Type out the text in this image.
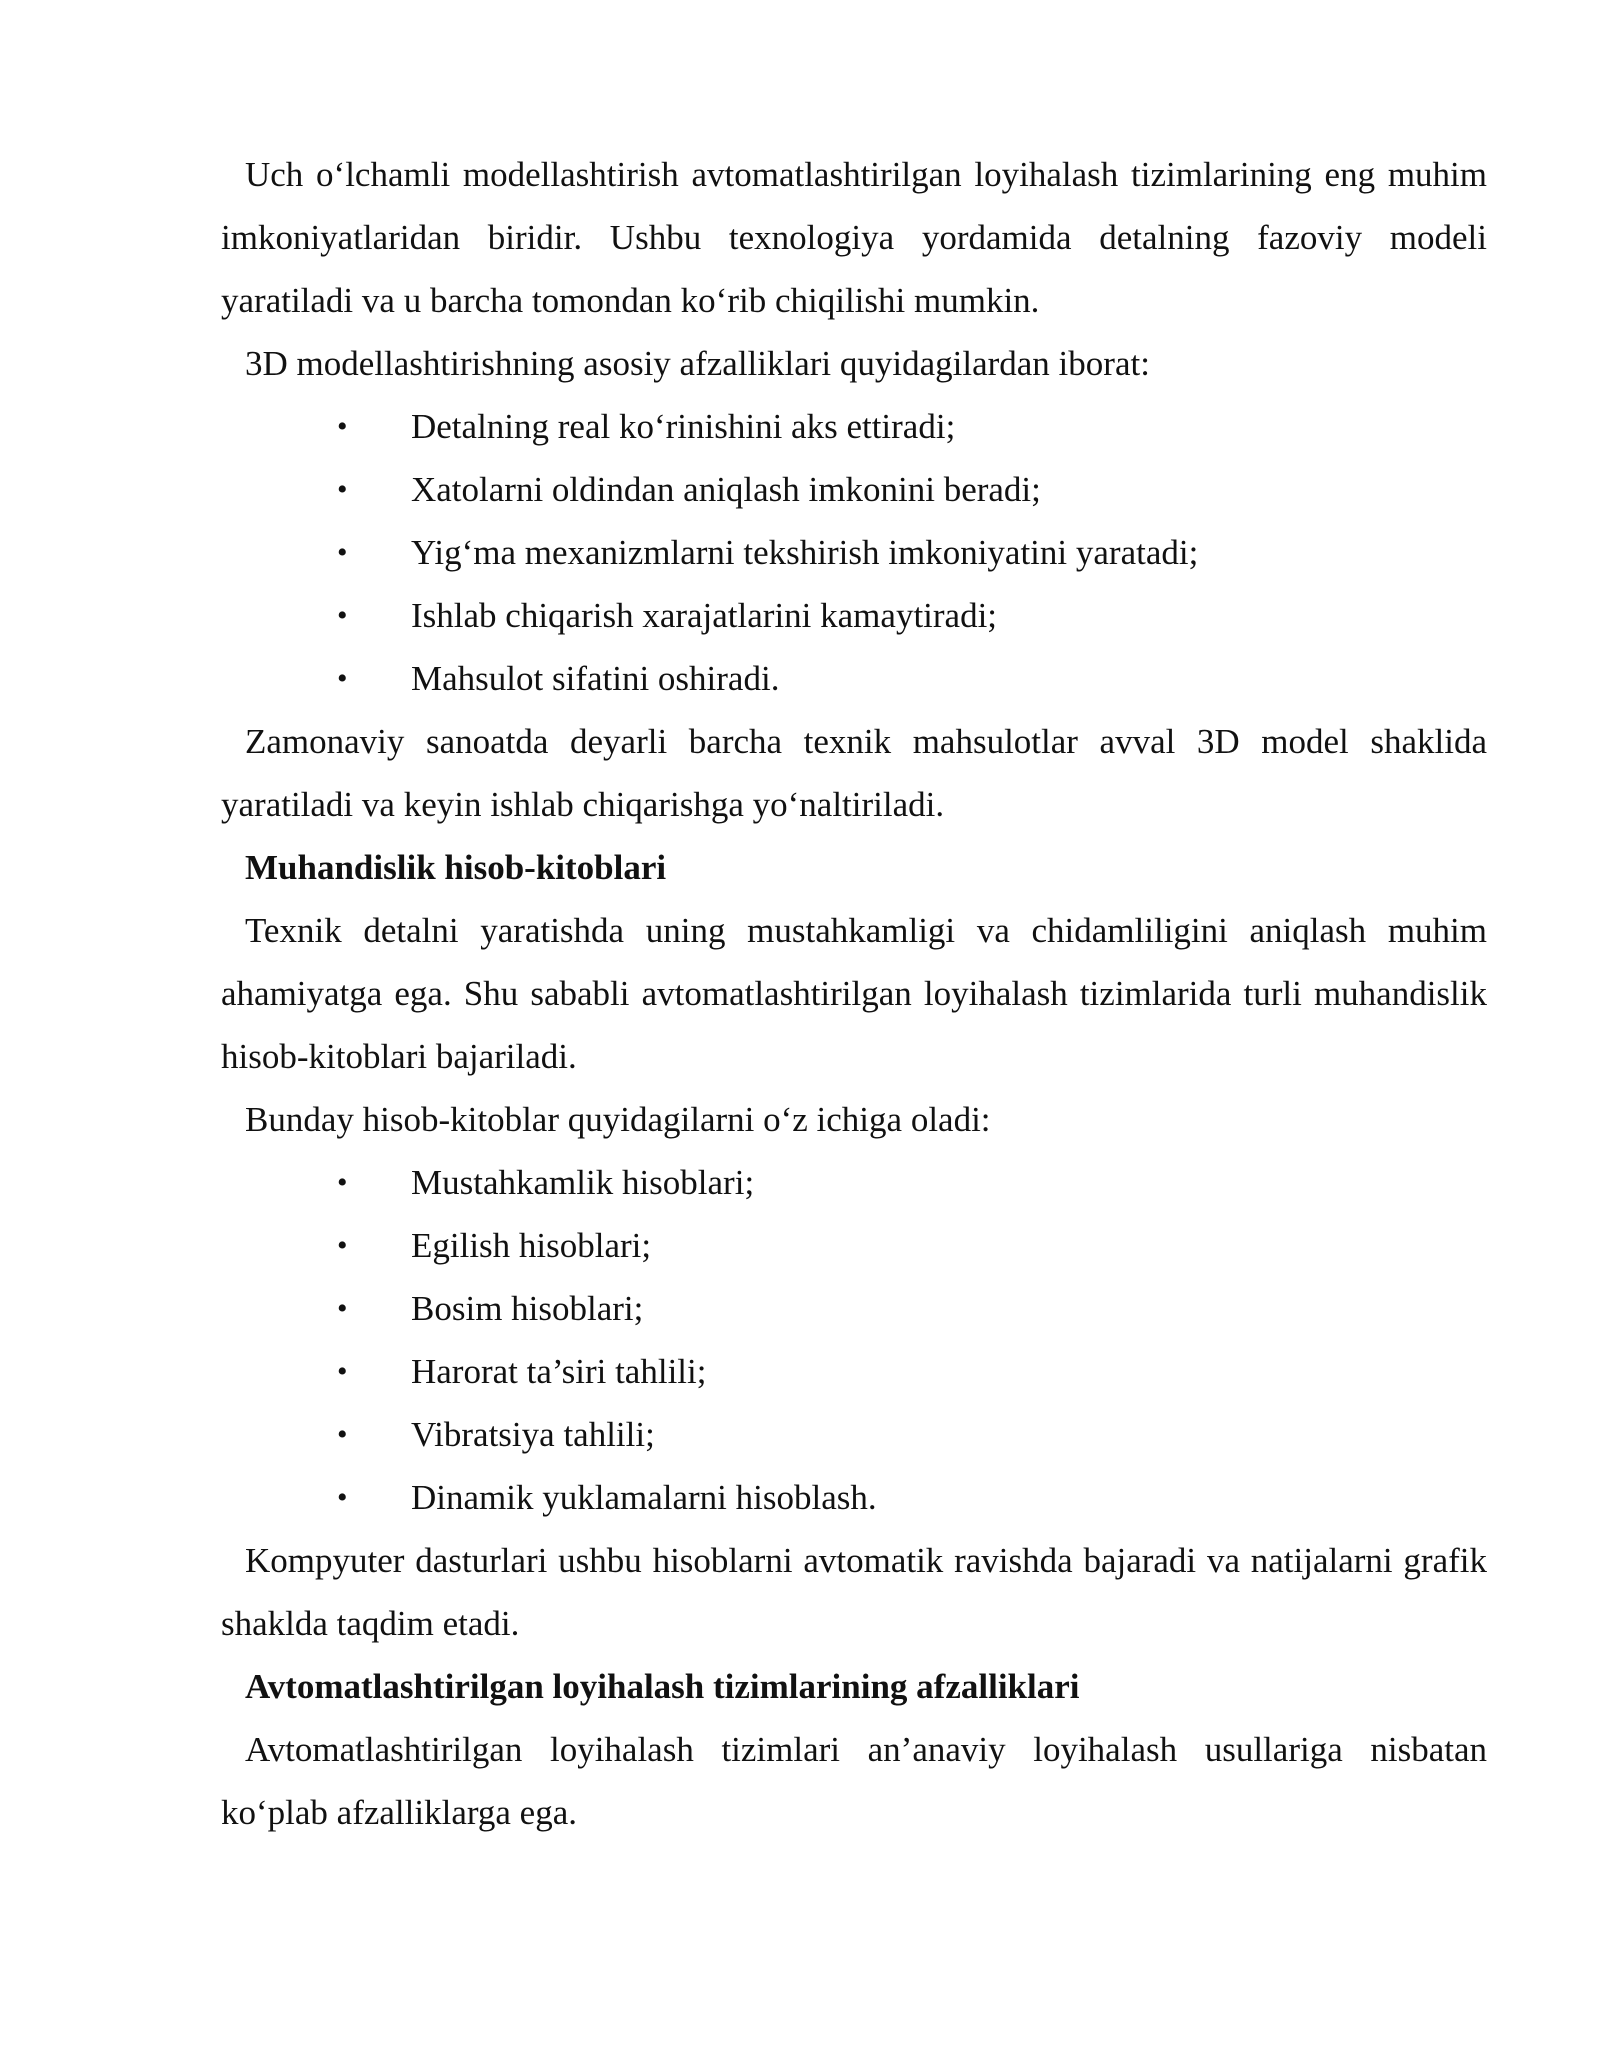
Uch o‘lchamli modellashtirish avtomatlashtirilgan loyihalash tizimlarining eng muhim imkoniyatlaridan biridir. Ushbu texnologiya yordamida detalning fazoviy modeli yaratiladi va u barcha tomondan ko‘rib chiqilishi mumkin.

3D modellashtirishning asosiy afzalliklari quyidagilardan iborat:

• Detalning real ko‘rinishini aks ettiradi;
• Xatolarni oldindan aniqlash imkonini beradi;
• Yig‘ma mexanizmlarni tekshirish imkoniyatini yaratadi;
• Ishlab chiqarish xarajatlarini kamaytiradi;
• Mahsulot sifatini oshiradi.

Zamonaviy sanoatda deyarli barcha texnik mahsulotlar avval 3D model shaklida yaratiladi va keyin ishlab chiqarishga yo‘naltiriladi.

Muhandislik hisob-kitoblari

Texnik detalni yaratishda uning mustahkamligi va chidamliligini aniqlash muhim ahamiyatga ega. Shu sababli avtomatlashtirilgan loyihalash tizimlarida turli muhandislik hisob-kitoblari bajariladi.

Bunday hisob-kitoblar quyidagilarni o‘z ichiga oladi:

• Mustahkamlik hisoblari;
• Egilish hisoblari;
• Bosim hisoblari;
• Harorat ta’siri tahlili;
• Vibratsiya tahlili;
• Dinamik yuklamalarni hisoblash.

Kompyuter dasturlari ushbu hisoblarni avtomatik ravishda bajaradi va natijalarni grafik shaklda taqdim etadi.

Avtomatlashtirilgan loyihalash tizimlarining afzalliklari

Avtomatlashtirilgan loyihalash tizimlari an’anaviy loyihalash usullariga nisbatan ko‘plab afzalliklarga ega.
